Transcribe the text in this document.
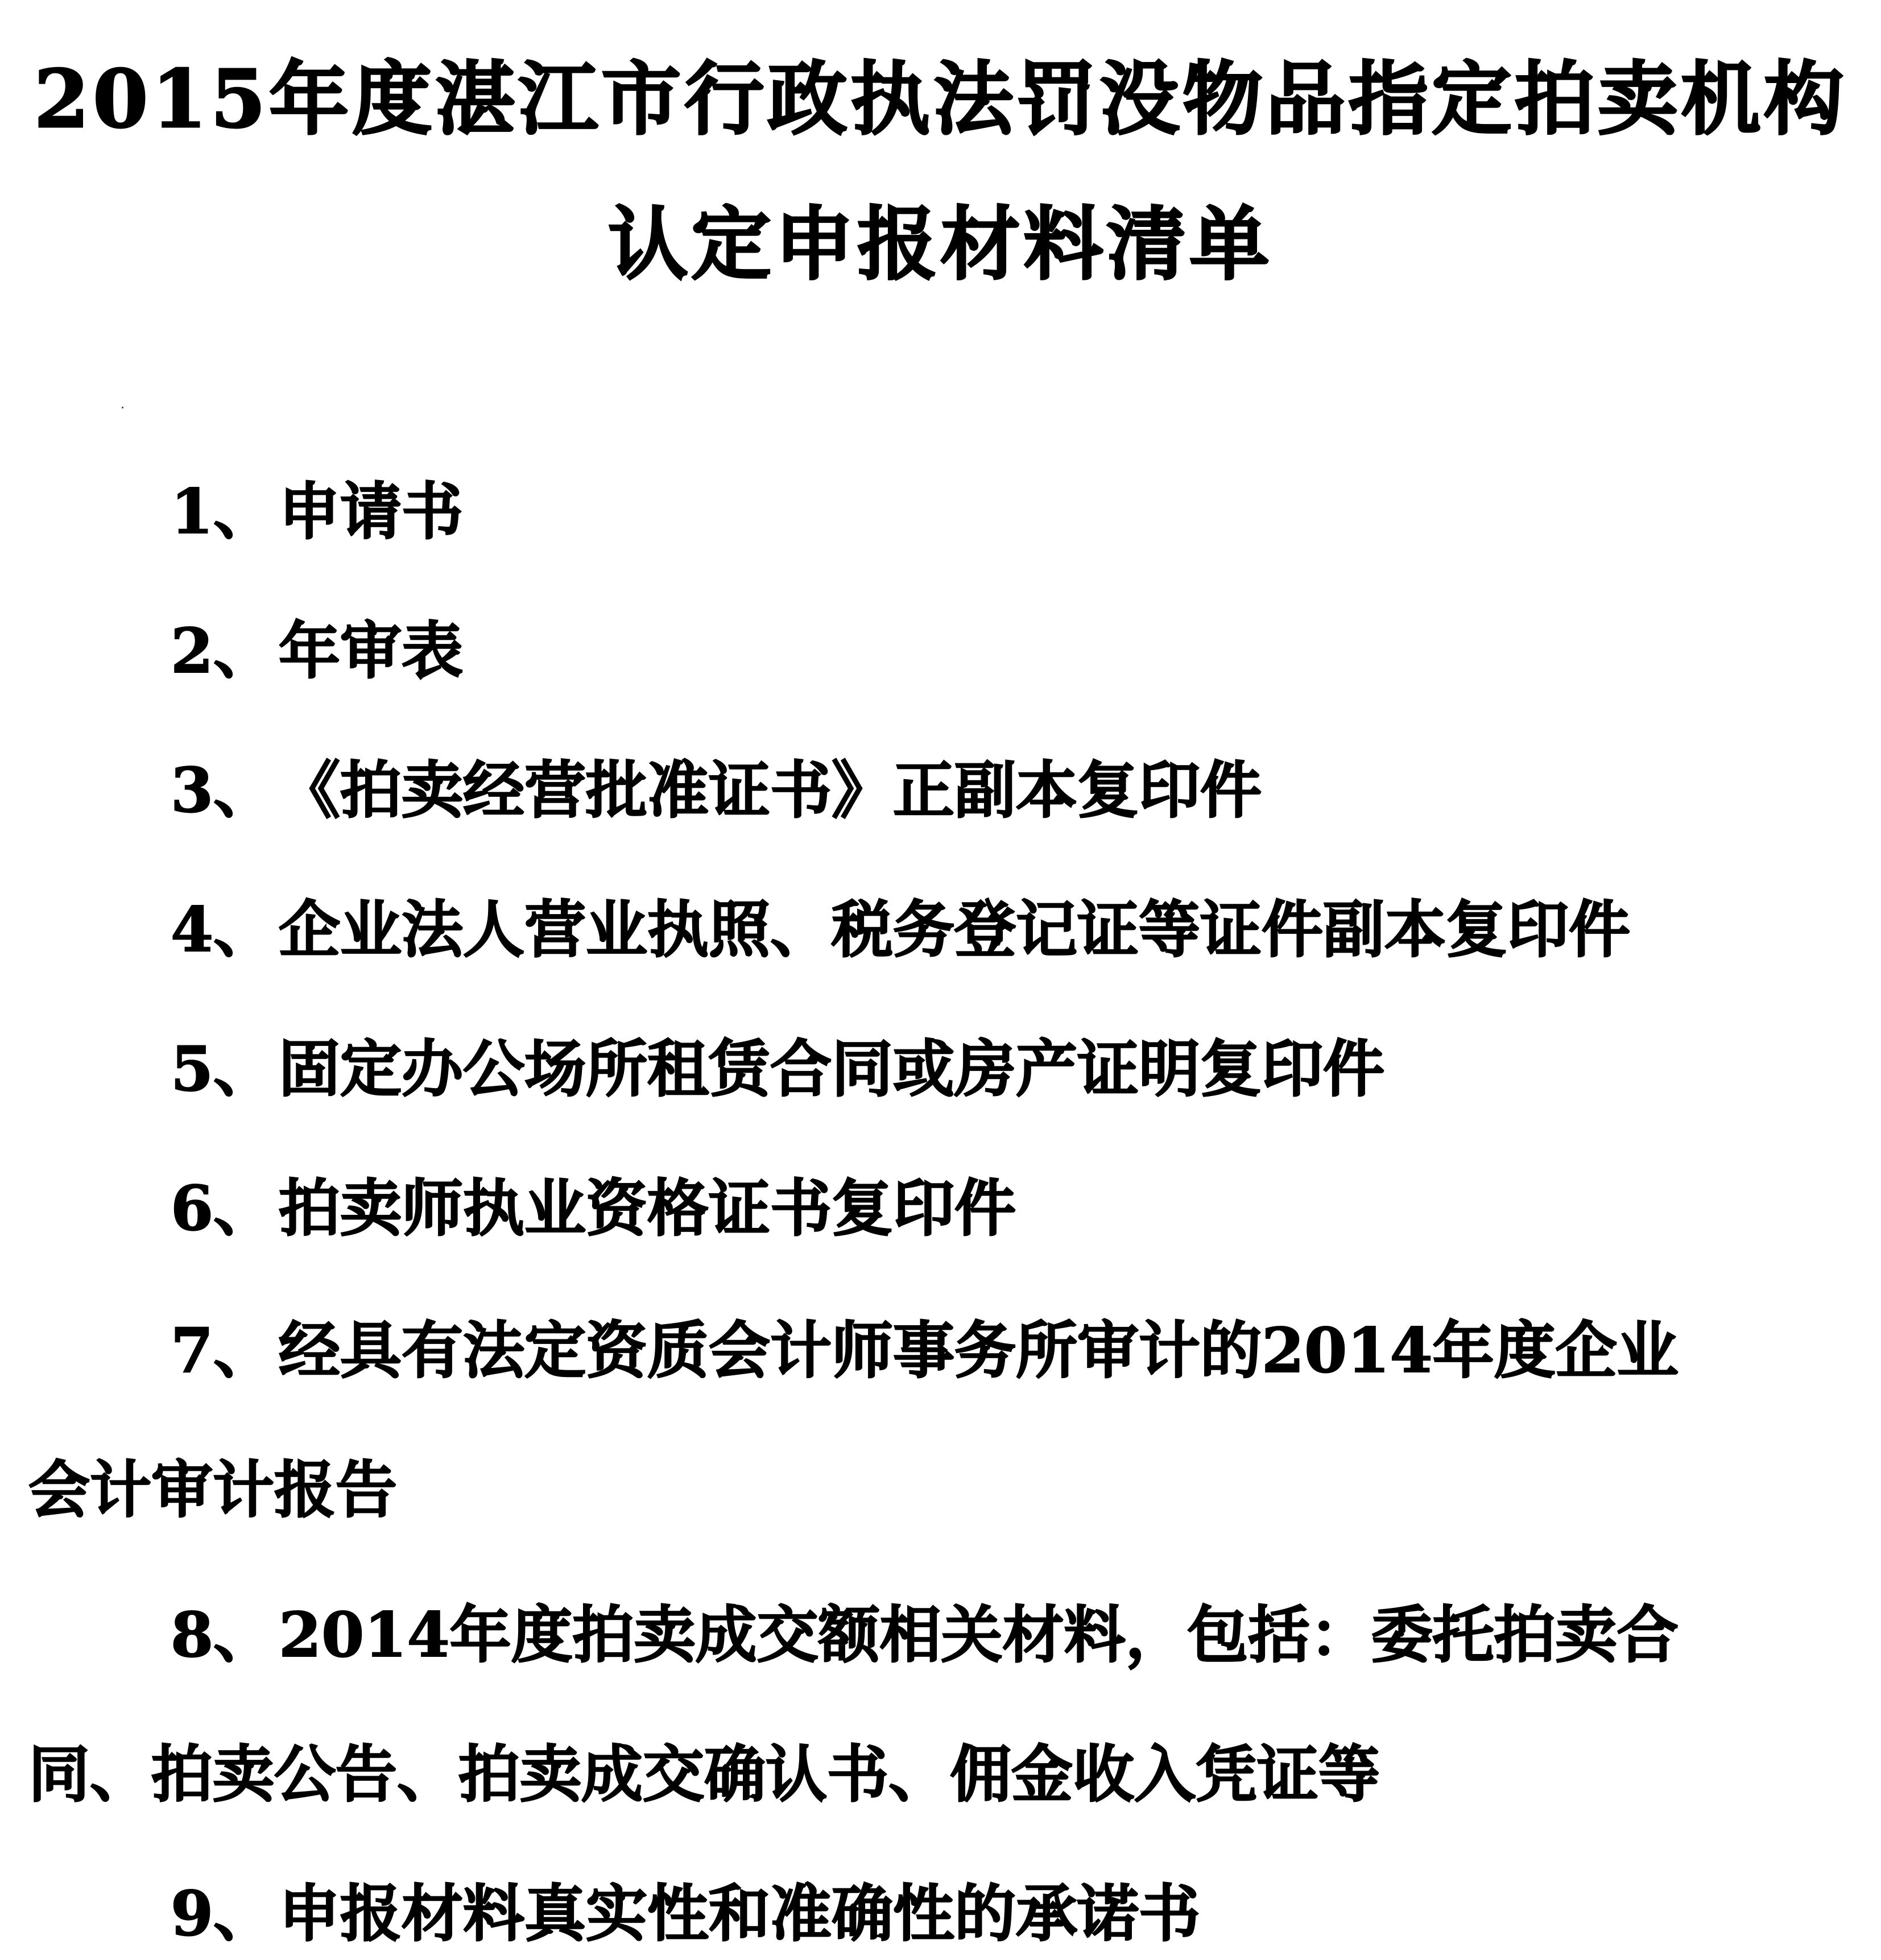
2015年度湛江市行政执法罚没物品指定拍卖机构
认定申报材料清单
1、申请书
2、年审表
3、《拍卖经营批准证书》正副本复印件
4、企业法人营业执照、税务登记证等证件副本复印件
5、固定办公场所租赁合同或房产证明复印件
6、拍卖师执业资格证书复印件
7、经具有法定资质会计师事务所审计的2014年度企业
会计审计报告
8、2014年度拍卖成交额相关材料，包括：委托拍卖合
同、拍卖公告、拍卖成交确认书、佣金收入凭证等
9、申报材料真实性和准确性的承诺书
